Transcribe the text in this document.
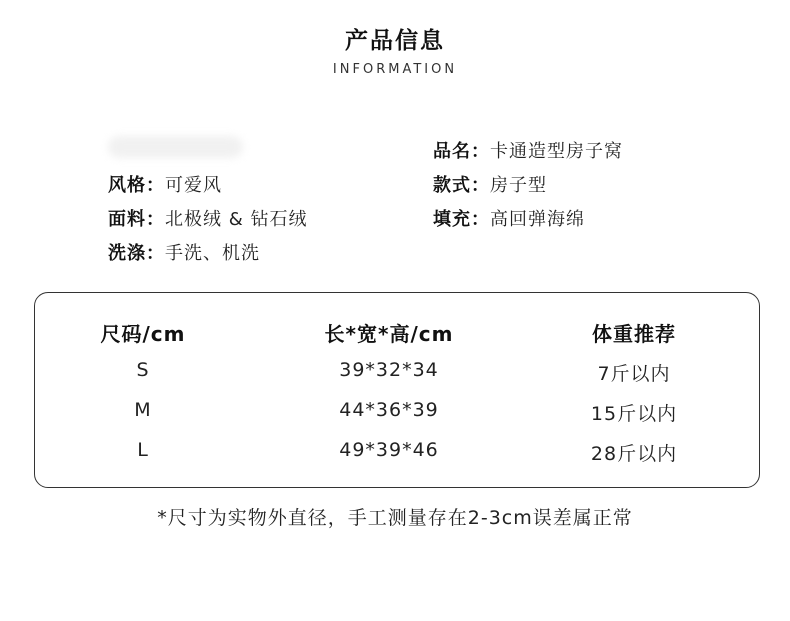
产品信息
INFORMATION
风格：可爱风
面料：北极绒 & 钻石绒
洗涤：手洗、机洗
品名：卡通造型房子窝
款式：房子型
填充：高回弹海绵
尺码/cm	长*宽*高/cm	体重推荐
S	39*32*34	7斤以内
M	44*36*39	15斤以内
L	49*39*46	28斤以内
*尺寸为实物外直径，手工测量存在2-3cm误差属正常
